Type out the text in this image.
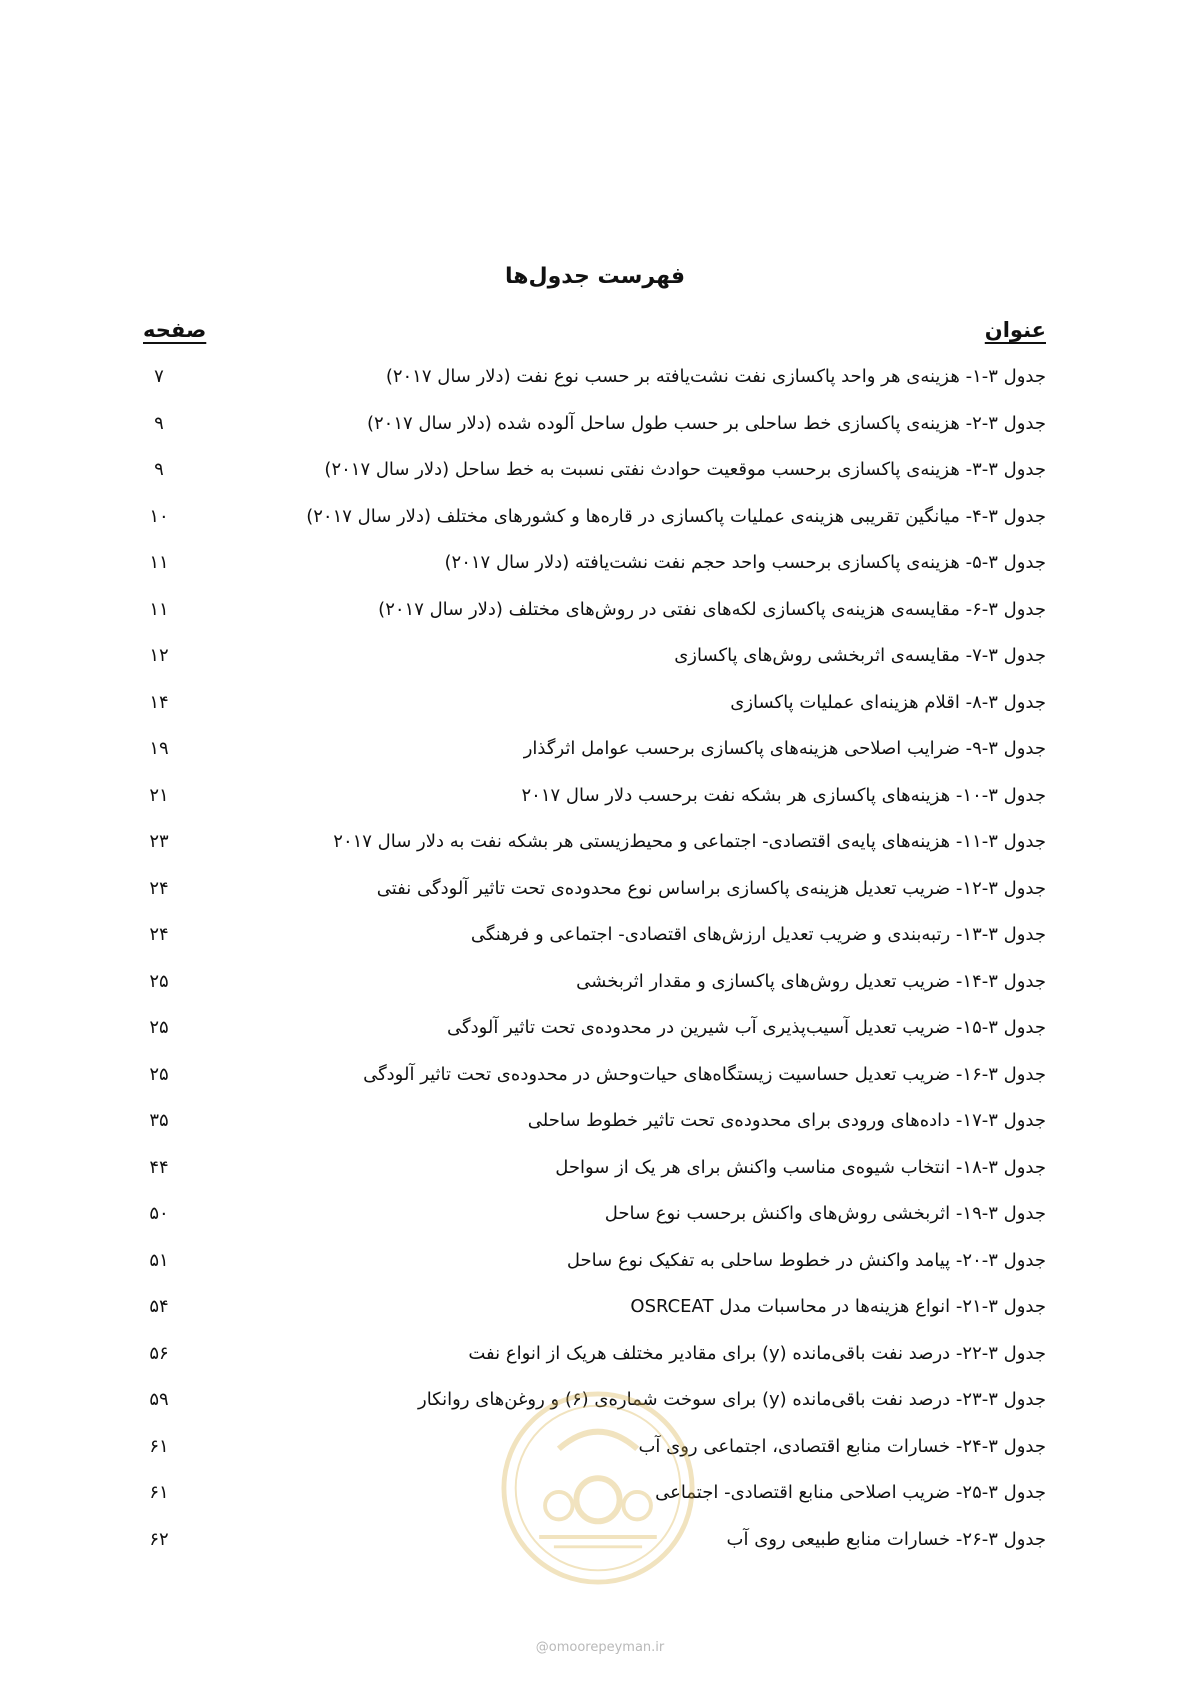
فهرست جدول‌ها
عنوان
صفحه
جدول ۳-۱- هزینه‌ی هر واحد پاکسازی نفت نشت‌یافته بر حسب نوع نفت (دلار سال ۲۰۱۷)
۷
جدول ۳-۲- هزینه‌ی پاکسازی خط ساحلی بر حسب طول ساحل آلوده شده (دلار سال ۲۰۱۷)
۹
جدول ۳-۳- هزینه‌ی پاکسازی برحسب موقعیت حوادث نفتی نسبت به خط ساحل (دلار سال ۲۰۱۷)
۹
جدول ۳-۴- میانگین تقریبی هزینه‌ی عملیات پاکسازی در قاره‌ها و کشورهای مختلف (دلار سال ۲۰۱۷)
۱۰
جدول ۳-۵- هزینه‌ی پاکسازی برحسب واحد حجم نفت نشت‌یافته (دلار سال ۲۰۱۷)
۱۱
جدول ۳-۶- مقایسه‌ی هزینه‌ی پاکسازی لکه‌های نفتی در روش‌های مختلف (دلار سال ۲۰۱۷)
۱۱
جدول ۳-۷- مقایسه‌ی اثربخشی روش‌های پاکسازی
۱۲
جدول ۳-۸- اقلام هزینه‌ای عملیات پاکسازی
۱۴
جدول ۳-۹- ضرایب اصلاحی هزینه‌های پاکسازی برحسب عوامل اثرگذار
۱۹
جدول ۳-۱۰- هزینه‌های پاکسازی هر بشکه نفت برحسب دلار سال ۲۰۱۷
۲۱
جدول ۳-۱۱- هزینه‌های پایه‌ی اقتصادی- اجتماعی و محیط‌زیستی هر بشکه نفت به دلار سال ۲۰۱۷
۲۳
جدول ۳-۱۲- ضریب تعدیل هزینه‌ی پاکسازی براساس نوع محدوده‌ی تحت تاثیر آلودگی نفتی
۲۴
جدول ۳-۱۳- رتبه‌بندی و ضریب تعدیل ارزش‌های اقتصادی- اجتماعی و فرهنگی
۲۴
جدول ۳-۱۴- ضریب تعدیل روش‌های پاکسازی و مقدار اثربخشی
۲۵
جدول ۳-۱۵- ضریب تعدیل آسیب‌پذیری آب شیرین در محدوده‌ی تحت تاثیر آلودگی
۲۵
جدول ۳-۱۶- ضریب تعدیل حساسیت زیستگاه‌های حیات‌وحش در محدوده‌ی تحت تاثیر آلودگی
۲۵
جدول ۳-۱۷- داده‌های ورودی برای محدوده‌ی تحت تاثیر خطوط ساحلی
۳۵
جدول ۳-۱۸- انتخاب شیوه‌ی مناسب واکنش برای هر یک از سواحل
۴۴
جدول ۳-۱۹- اثربخشی روش‌های واکنش برحسب نوع ساحل
۵۰
جدول ۳-۲۰- پیامد واکنش در خطوط ساحلی به تفکیک نوع ساحل
۵۱
جدول ۳-۲۱- انواع هزینه‌ها در محاسبات مدل OSRCEAT
۵۴
جدول ۳-۲۲- درصد نفت باقی‌مانده (y) برای مقادیر مختلف هریک از انواع نفت
۵۶
جدول ۳-۲۳- درصد نفت باقی‌مانده (y) برای سوخت شماره‌ی (۶) و روغن‌های روانکار
۵۹
جدول ۳-۲۴- خسارات منابع اقتصادی، اجتماعی روی آب
۶۱
جدول ۳-۲۵- ضریب اصلاحی منابع اقتصادی- اجتماعی
۶۱
جدول ۳-۲۶- خسارات منابع طبیعی روی آب
۶۲
@omoorepeyman.ir
